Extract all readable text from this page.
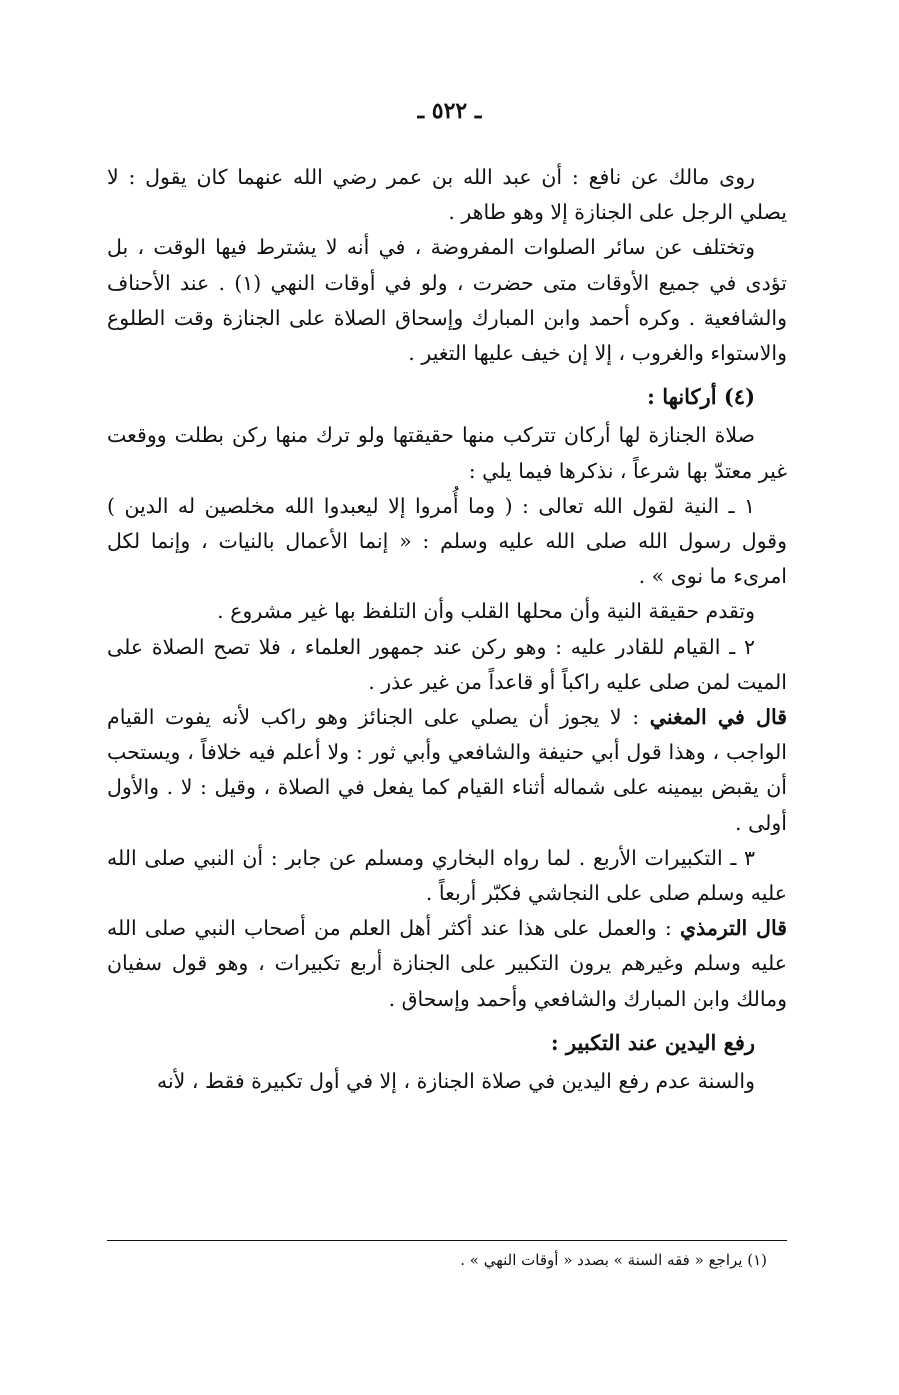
ـ ٥٢٢ ـ

روى مالك عن نافع : أن عبد الله بن عمر رضي الله عنهما كان يقول : لا يصلي الرجل على الجنازة إلا وهو طاهر .

وتختلف عن سائر الصلوات المفروضة ، في أنه لا يشترط فيها الوقت ، بل تؤدى في جميع الأوقات متى حضرت ، ولو في أوقات النهي (١) . عند الأحناف والشافعية . وكره أحمد وابن المبارك وإسحاق الصلاة على الجنازة وقت الطلوع والاستواء والغروب ، إلا إن خيف عليها التغير .

(٤) أركانها :

صلاة الجنازة لها أركان تتركب منها حقيقتها ولو ترك منها ركن بطلت ووقعت غير معتدّ بها شرعاً ، نذكرها فيما يلي :

١ ـ النية لقول الله تعالى : ( وما أُمروا إلا ليعبدوا الله مخلصين له الدين ) وقول رسول الله صلى الله عليه وسلم : « إنما الأعمال بالنيات ، وإنما لكل امرىء ما نوى » .

وتقدم حقيقة النية وأن محلها القلب وأن التلفظ بها غير مشروع .

٢ ـ القيام للقادر عليه : وهو ركن عند جمهور العلماء ، فلا تصح الصلاة على الميت لمن صلى عليه راكباً أو قاعداً من غير عذر .

قال في المغني : لا يجوز أن يصلي على الجنائز وهو راكب لأنه يفوت القيام الواجب ، وهذا قول أبي حنيفة والشافعي وأبي ثور : ولا أعلم فيه خلافاً ، ويستحب أن يقبض بيمينه على شماله أثناء القيام كما يفعل في الصلاة ، وقيل : لا . والأول أولى .

٣ ـ التكبيرات الأربع . لما رواه البخاري ومسلم عن جابر : أن النبي صلى الله عليه وسلم صلى على النجاشي فكبّر أربعاً .

قال الترمذي : والعمل على هذا عند أكثر أهل العلم من أصحاب النبي صلى الله عليه وسلم وغيرهم يرون التكبير على الجنازة أربع تكبيرات ، وهو قول سفيان ومالك وابن المبارك والشافعي وأحمد وإسحاق .

رفع اليدين عند التكبير :

والسنة عدم رفع اليدين في صلاة الجنازة ، إلا في أول تكبيرة فقط ، لأنه

(١) يراجع « فقه السنة » بصدد « أوقات النهي » .
